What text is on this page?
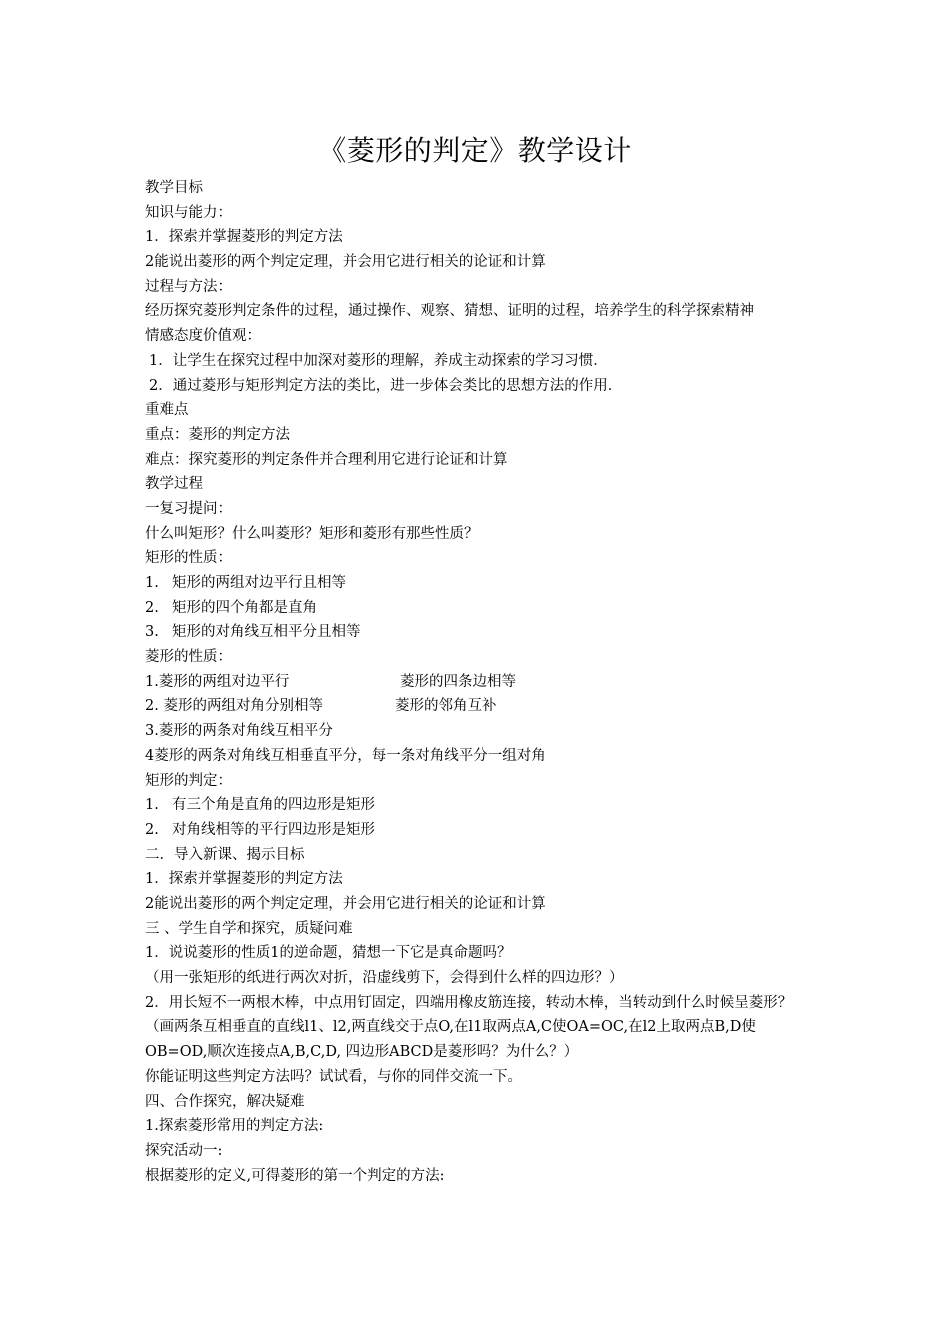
《菱形的判定》教学设计
教学目标
知识与能力：
1．探索并掌握菱形的判定方法
2能说出菱形的两个判定定理，并会用它进行相关的论证和计算
过程与方法：
经历探究菱形判定条件的过程，通过操作、观察、猜想、证明的过程，培养学生的科学探索精神
情感态度价值观：
1．让学生在探究过程中加深对菱形的理解，养成主动探索的学习习惯．
2．通过菱形与矩形判定方法的类比，进一步体会类比的思想方法的作用．
重难点
重点：菱形的判定方法
难点：探究菱形的判定条件并合理利用它进行论证和计算
教学过程
一复习提问：
什么叫矩形？什么叫菱形？矩形和菱形有那些性质？
矩形的性质：
1. 矩形的两组对边平行且相等
2. 矩形的四个角都是直角
3. 矩形的对角线互相平分且相等
菱形的性质：
1.菱形的两组对边平行	菱形的四条边相等
2. 菱形的两组对角分别相等	菱形的邻角互补
3.菱形的两条对角线互相平分
4菱形的两条对角线互相垂直平分，每一条对角线平分一组对角
矩形的判定：
1. 有三个角是直角的四边形是矩形
2. 对角线相等的平行四边形是矩形
二．导入新课、揭示目标
1．探索并掌握菱形的判定方法
2能说出菱形的两个判定定理，并会用它进行相关的论证和计算
三 、学生自学和探究，质疑问难
1．说说菱形的性质1的逆命题，猜想一下它是真命题吗？
（用一张矩形的纸进行两次对折，沿虚线剪下，会得到什么样的四边形？）
2．用长短不一两根木棒，中点用钉固定，四端用橡皮筋连接，转动木棒，当转动到什么时候呈菱形？（画两条互相垂直的直线l1、l2,两直线交于点O,在l1取两点A,C使OA=OC,在l2上取两点B,D使OB=OD,顺次连接点A,B,C,D, 四边形ABCD是菱形吗？为什么？）
你能证明这些判定方法吗？试试看，与你的同伴交流一下。
四、合作探究，解决疑难
1.探索菱形常用的判定方法:
探究活动一:
根据菱形的定义,可得菱形的第一个判定的方法:
